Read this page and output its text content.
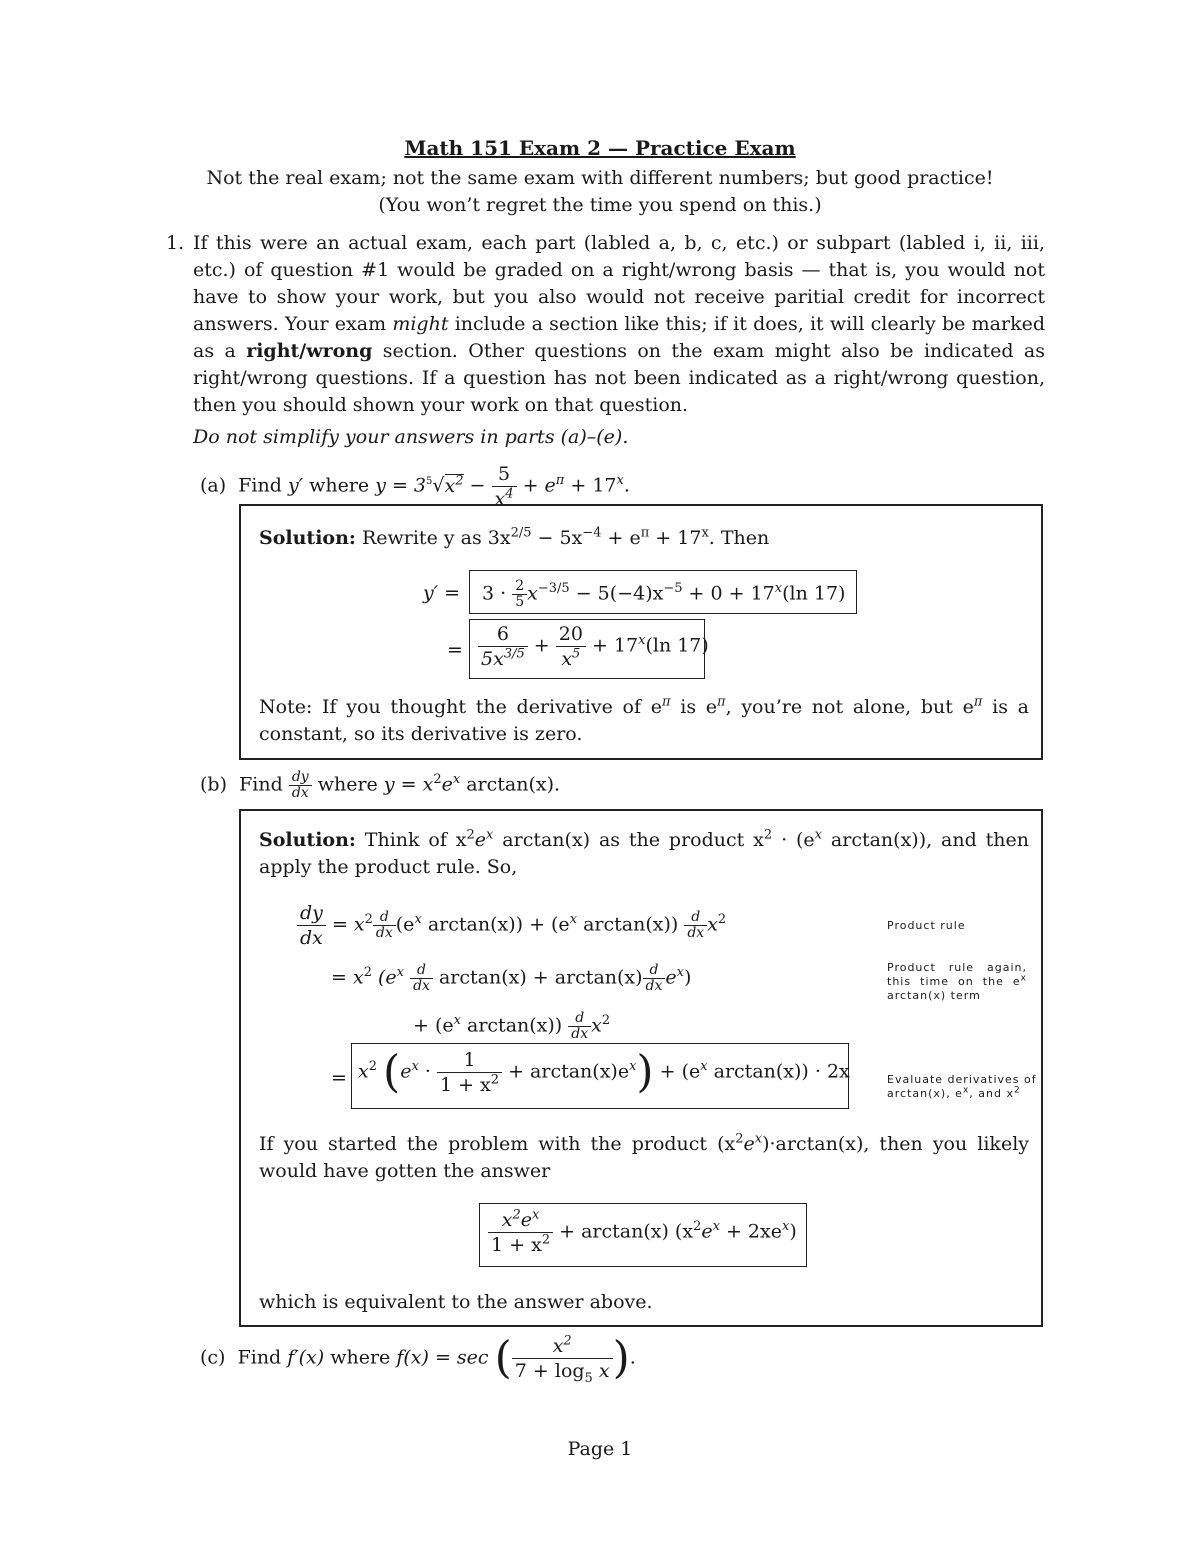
Math 151 Exam 2 — Practice Exam
Not the real exam; not the same exam with different numbers; but good practice!
(You won’t regret the time you spend on this.)
1. If this were an actual exam, each part (labled a, b, c, etc.) or subpart (labled i, ii, iii, etc.) of question #1 would be graded on a right/wrong basis — that is, you would not have to show your work, but you also would not receive paritial credit for incorrect answers. Your exam might include a section like this; if it does, it will clearly be marked as a right/wrong section. Other questions on the exam might also be indicated as right/wrong questions. If a question has not been indicated as a right/wrong question, then you should shown your work on that question.
Do not simplify your answers in parts (a)–(e).
(a) Find y′ where $y = 3^5√x^2 - \frac{5}{x^4} + e^\pi + 17^x$.
Solution: Rewrite y as $3x^{2/5} - 5x^{-4} + e^\pi + 17^x$. Then
y′ =	$3 \cdot \frac{2}{5} x^{-3/5} - 5(-4)x^{-5} + 0 + 17^x(\ln$ 17)
= $\frac{6}{5x^{3/5}} + \frac{20}{x^5} + 17^x(\ln$ 17)
Note: If you thought the derivative of $e^\pi$ is $e^\pi$, you’re not alone, but $e^\pi$ is a constant, so its derivative is zero.
(b) Find $\frac{dy}{dx}$ where $y = x^2e^x$ arctan(x).
Solution: Think of $x^2e^x$ arctan(x) as the product $x^2 \cdot (e^x$ arctan(x)), and then apply the product rule. So,
$\frac{dy}{dx} = x^2 \frac{d}{dx} (e^x$ $\arctan(x)) + (e^x$ $\arctan(x)) \frac{d}{dx} x^2$	Product rule
= $x^2$ $(e^x \frac{d}{dx} \arctan(x) + \arctan(x) \frac{d}{dx} e^x)$	Product rule again, this time on the $e^x$ arctan(x) term
+ ($e^x$ $\arctan(x)) \frac{d}{dx} x^2$
= $x^2$ $(e^x \cdot \frac{1}{1 + x^2} + \arctan(x)e^x) + (e^x$ arctan(x)) · 2x	Evaluate derivatives of arctan(x), $e^x$, and $x^2$
If you started the problem with the product $(x^2e^x)\cdot\arctan(x)$, then you likely would have gotten the answer
$\frac{x^2e^x}{1 + x^2} + \arctan(x) (x^2e^x + 2xe^x)$
which is equivalent to the answer above.
(c) Find f′(x) where f(x) = sec ( $\frac{x^2}{7 + \log_5 x}$ ).
Page 1
